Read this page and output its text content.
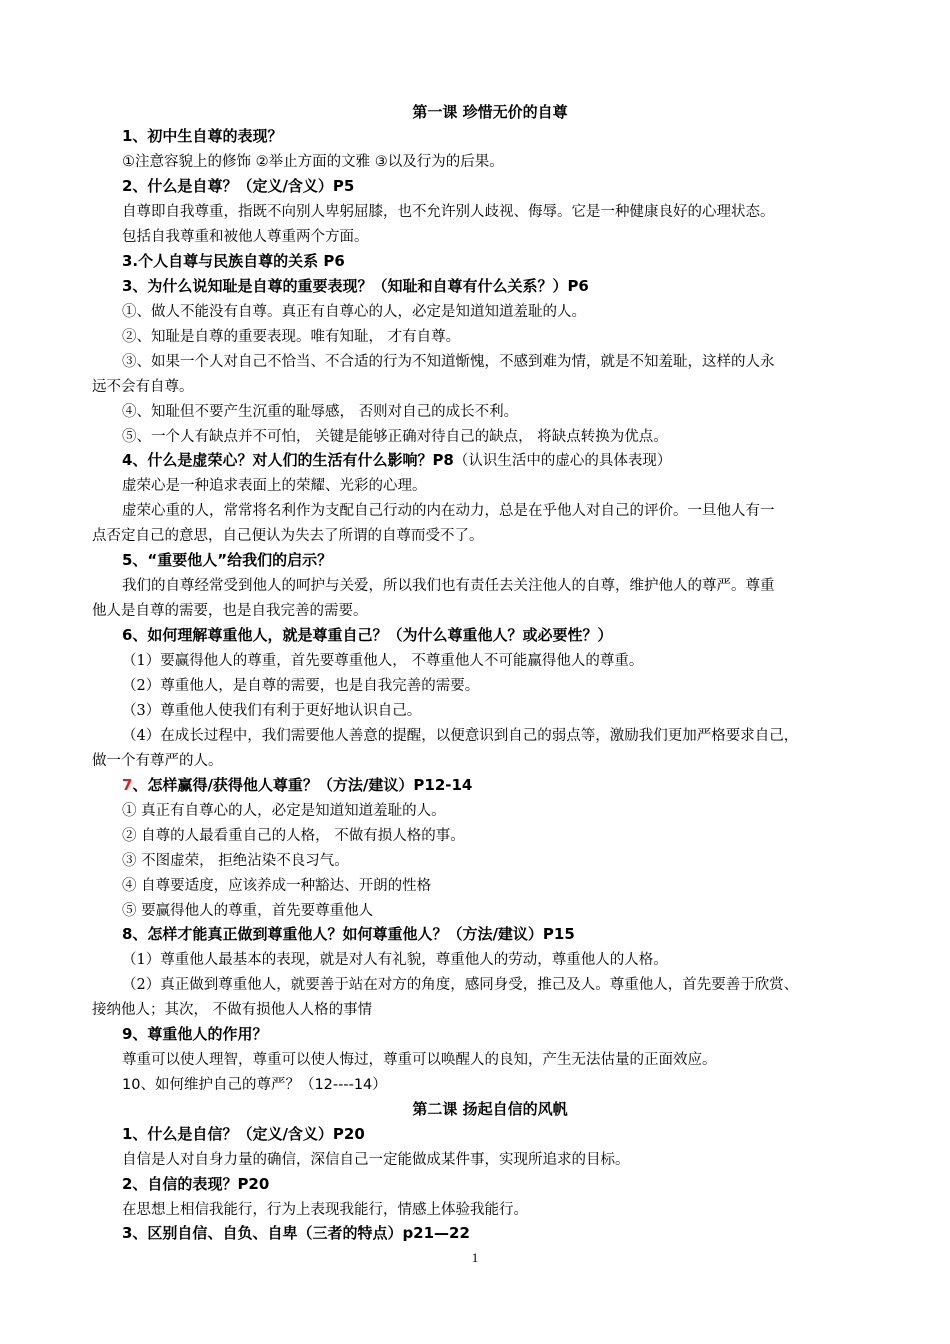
第一课 珍惜无价的自尊
1、初中生自尊的表现？
①注意容貌上的修饰 ②举止方面的文雅 ③以及行为的后果。
2、什么是自尊？（定义/含义）P5
自尊即自我尊重，指既不向别人卑躬屈膝，也不允许别人歧视、侮辱。它是一种健康良好的心理状态。
包括自我尊重和被他人尊重两个方面。
3.个人自尊与民族自尊的关系 P6
3、为什么说知耻是自尊的重要表现？（知耻和自尊有什么关系？）P6
①、做人不能没有自尊。真正有自尊心的人，必定是知道知道羞耻的人。
②、知耻是自尊的重要表现。唯有知耻， 才有自尊。
③、如果一个人对自己不恰当、不合适的行为不知道惭愧，不感到难为情，就是不知羞耻，这样的人永
远不会有自尊。
④、知耻但不要产生沉重的耻辱感， 否则对自己的成长不利。
⑤、一个人有缺点并不可怕， 关键是能够正确对待自己的缺点， 将缺点转换为优点。
4、什么是虚荣心？对人们的生活有什么影响？P8（认识生活中的虚心的具体表现）
虚荣心是一种追求表面上的荣耀、光彩的心理。
虚荣心重的人，常常将名利作为支配自己行动的内在动力，总是在乎他人对自己的评价。一旦他人有一
点否定自己的意思，自己便认为失去了所谓的自尊而受不了。
5、“重要他人”给我们的启示？
我们的自尊经常受到他人的呵护与关爱，所以我们也有责任去关注他人的自尊，维护他人的尊严。尊重
他人是自尊的需要，也是自我完善的需要。
6、如何理解尊重他人，就是尊重自己？（为什么尊重他人？或必要性？）
（1）要赢得他人的尊重，首先要尊重他人， 不尊重他人不可能赢得他人的尊重。
（2）尊重他人，是自尊的需要，也是自我完善的需要。
（3）尊重他人使我们有利于更好地认识自己。
（4）在成长过程中，我们需要他人善意的提醒，以便意识到自己的弱点等，激励我们更加严格要求自己，
做一个有尊严的人。
7、怎样赢得/获得他人尊重？（方法/建议）P12-14
① 真正有自尊心的人，必定是知道知道羞耻的人。
② 自尊的人最看重自己的人格， 不做有损人格的事。
③ 不图虚荣， 拒绝沾染不良习气。
④ 自尊要适度，应该养成一种豁达、开朗的性格
⑤ 要赢得他人的尊重，首先要尊重他人
8、怎样才能真正做到尊重他人？如何尊重他人？（方法/建议）P15
（1）尊重他人最基本的表现，就是对人有礼貌，尊重他人的劳动，尊重他人的人格。
（2）真正做到尊重他人，就要善于站在对方的角度，感同身受，推己及人。尊重他人，首先要善于欣赏、
接纳他人；其次， 不做有损他人人格的事情
9、尊重他人的作用？
尊重可以使人理智，尊重可以使人悔过，尊重可以唤醒人的良知，产生无法估量的正面效应。
10、如何维护自己的尊严？（12----14）
第二课 扬起自信的风帆
1、什么是自信？（定义/含义）P20
自信是人对自身力量的确信，深信自己一定能做成某件事，实现所追求的目标。
2、自信的表现？P20
在思想上相信我能行，行为上表现我能行，情感上体验我能行。
3、区别自信、自负、自卑（三者的特点）p21—22
1
